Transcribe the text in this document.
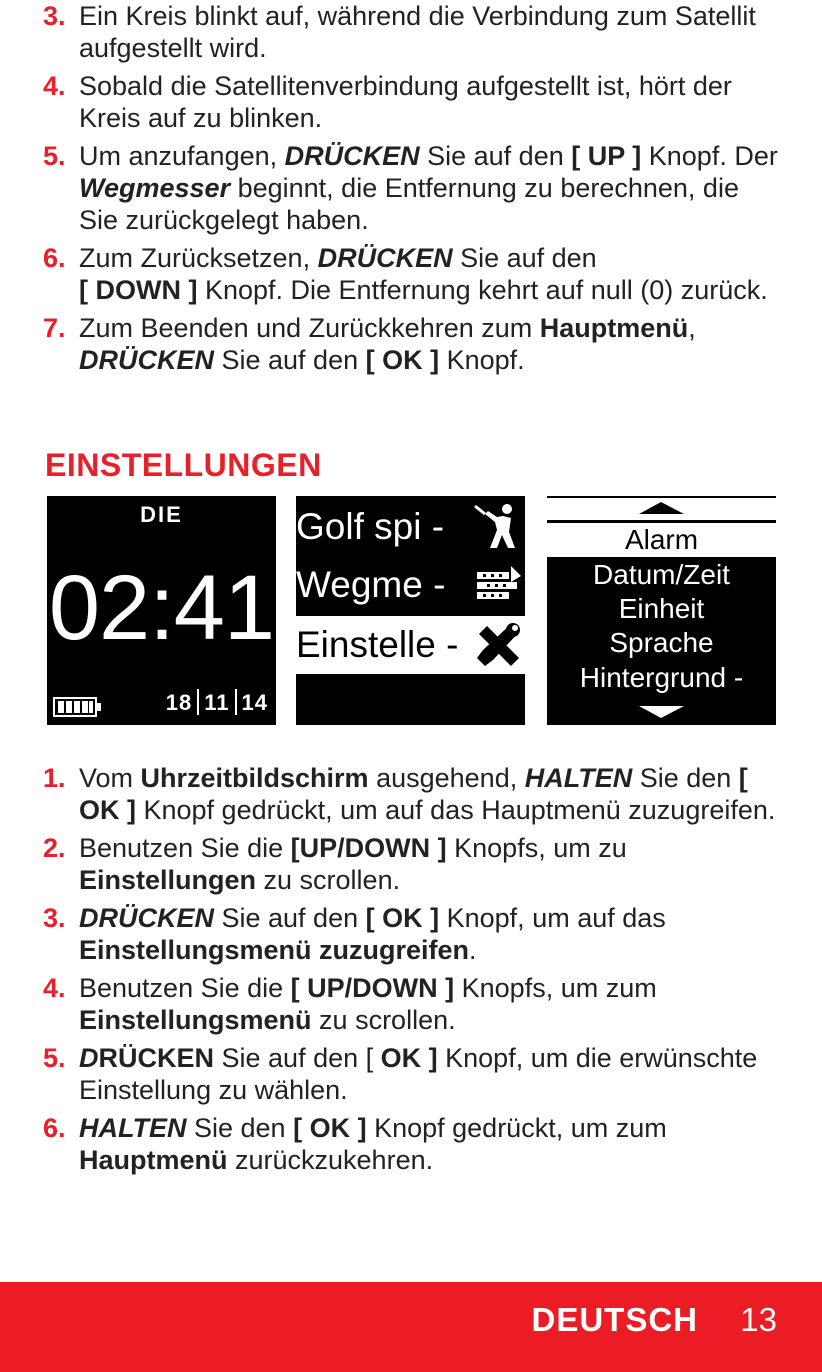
3. Ein Kreis blinkt auf, während die Verbindung zum Satellit aufgestellt wird.
4. Sobald die Satellitenverbindung aufgestellt ist, hört der Kreis auf zu blinken.
5. Um anzufangen, DRÜCKEN Sie auf den [ UP ] Knopf. Der Wegmesser beginnt, die Entfernung zu berechnen, die Sie zurückgelegt haben.
6. Zum Zurücksetzen, DRÜCKEN Sie auf den
[ DOWN ] Knopf. Die Entfernung kehrt auf null (0) zurück.
7. Zum Beenden und Zurückkehren zum Hauptmenü,
DRÜCKEN Sie auf den [ OK ] Knopf.
EINSTELLUNGEN
DIE
02:41
18 11 14
Golf spi -
Wegme -
Einstelle -
Alarm
Datum/Zeit
Einheit
Sprache
Hintergrund -
1. Vom Uhrzeitbildschirm ausgehend, HALTEN Sie den [ OK ] Knopf gedrückt, um auf das Hauptmenü zuzugreifen.
2. Benutzen Sie die [UP/DOWN ] Knopfs, um zu
Einstellungen zu scrollen.
3. DRÜCKEN Sie auf den [ OK ] Knopf, um auf das
Einstellungsmenü zuzugreifen.
4. Benutzen Sie die [ UP/DOWN ] Knopfs, um zum
Einstellungsmenü zu scrollen.
5. DRÜCKEN Sie auf den [ OK ] Knopf, um die erwünschte Einstellung zu wählen.
6. HALTEN Sie den [ OK ] Knopf gedrückt, um zum
Hauptmenü zurückzukehren.
DEUTSCH 13
